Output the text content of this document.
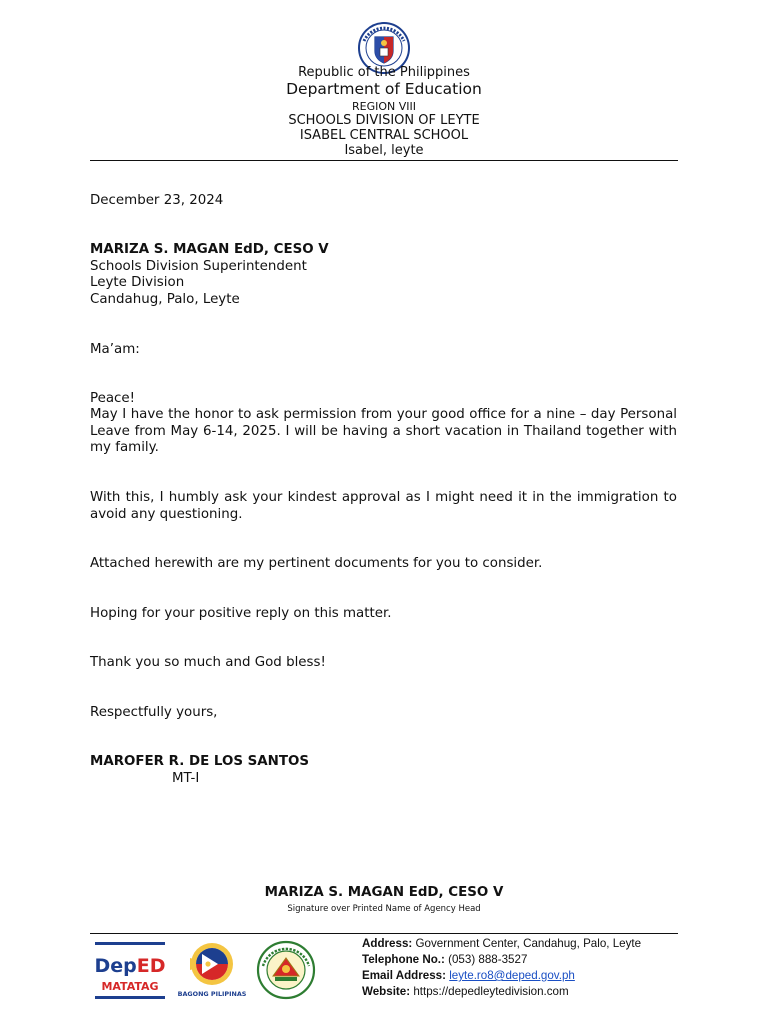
Republic of the Philippines
Department of Education
REGION VIII
SCHOOLS DIVISION OF LEYTE
ISABEL CENTRAL SCHOOL
Isabel, leyte
December 23, 2024
MARIZA S. MAGAN EdD, CESO V
Schools Division Superintendent
Leyte Division
Candahug, Palo, Leyte
Ma’am:
Peace!
May I have the honor to ask permission from your good office for a nine – day Personal Leave from May 6-14, 2025. I will be having a short vacation in Thailand together with my family.
With this, I humbly ask your kindest approval as I might need it in the immigration to avoid any questioning.
Attached herewith are my pertinent documents for you to consider.
Hoping for your positive reply on this matter.
Thank you so much and God bless!
Respectfully yours,
MAROFER R. DE LOS SANTOS
MT-I
MARIZA S. MAGAN EdD, CESO V
Signature over Printed Name of Agency Head
DepED
MATATAG
BAGONG PILIPINAS
Address: Government Center, Candahug, Palo, Leyte
Telephone No.: (053) 888-3527
Email Address: leyte.ro8@deped.gov.ph
Website: https://depedleytedivision.com
